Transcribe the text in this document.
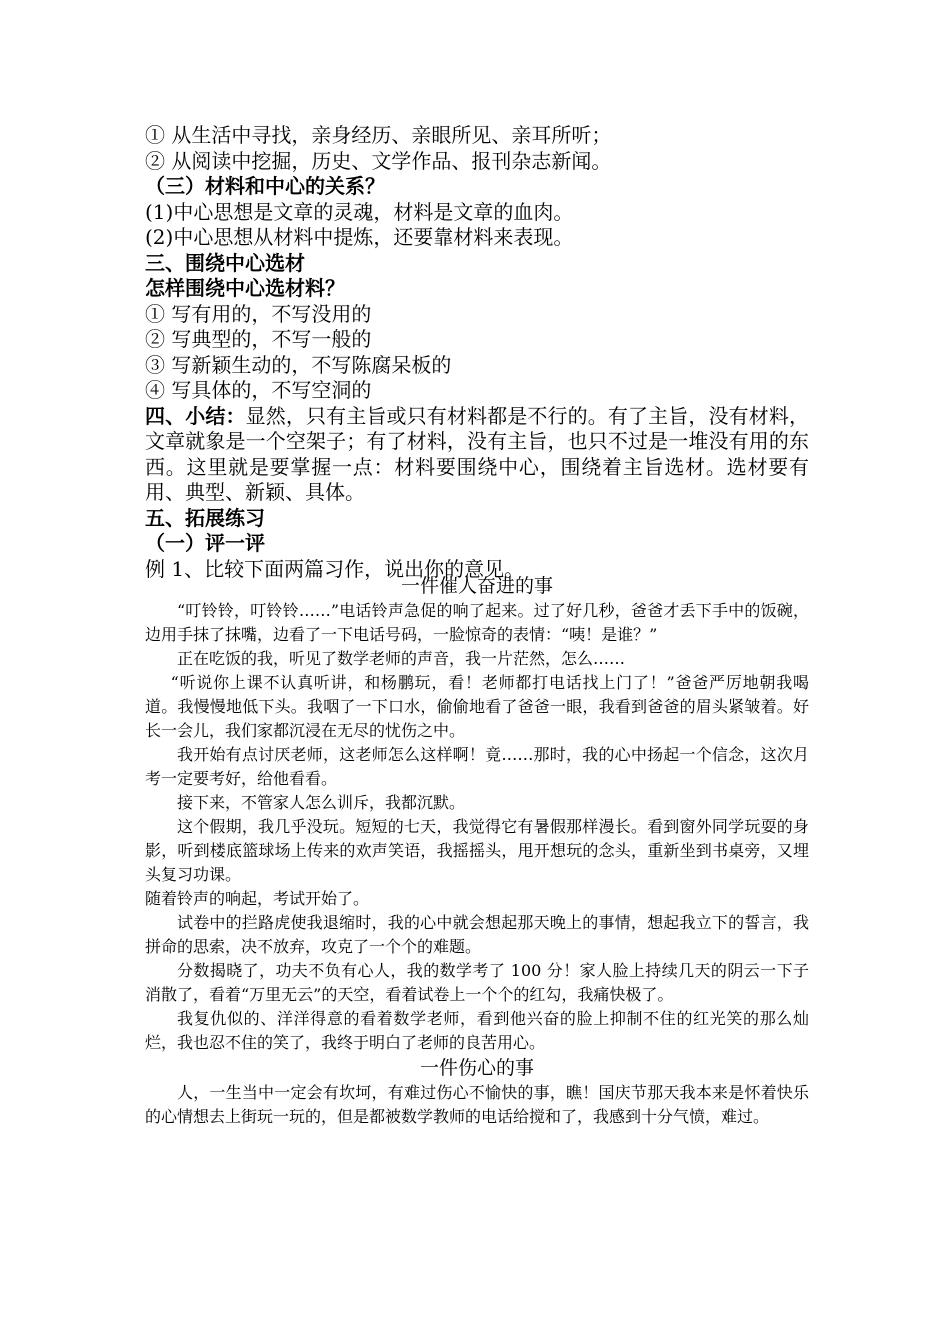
① 从生活中寻找，亲身经历、亲眼所见、亲耳所听；

② 从阅读中挖掘，历史、文学作品、报刊杂志新闻。

（三）材料和中心的关系？

(1)中心思想是文章的灵魂，材料是文章的血肉。

(2)中心思想从材料中提炼，还要靠材料来表现。

三、围绕中心选材

怎样围绕中心选材料？

① 写有用的，不写没用的

② 写典型的，不写一般的

③ 写新颖生动的，不写陈腐呆板的

④ 写具体的，不写空洞的

四、小结：显然，只有主旨或只有材料都是不行的。有了主旨，没有材料，文章就象是一个空架子；有了材料，没有主旨，也只不过是一堆没有用的东西。这里就是要掌握一点：材料要围绕中心，围绕着主旨选材。选材要有用、典型、新颖、具体。

五、拓展练习

（一）评一评

例 1、比较下面两篇习作，说出你的意见。

一件催人奋进的事

“叮铃铃，叮铃铃……”电话铃声急促的响了起来。过了好几秒，爸爸才丢下手中的饭碗，边用手抹了抹嘴，边看了一下电话号码，一脸惊奇的表情：“咦！是谁？”

正在吃饭的我，听见了数学老师的声音，我一片茫然，怎么……

“听说你上课不认真听讲，和杨鹏玩，看！老师都打电话找上门了！”爸爸严厉地朝我喝道。我慢慢地低下头。我咽了一下口水，偷偷地看了爸爸一眼，我看到爸爸的眉头紧皱着。好长一会儿，我们家都沉浸在无尽的忧伤之中。

我开始有点讨厌老师，这老师怎么这样啊！竟……那时，我的心中扬起一个信念，这次月考一定要考好，给他看看。

接下来，不管家人怎么训斥，我都沉默。

这个假期，我几乎没玩。短短的七天，我觉得它有暑假那样漫长。看到窗外同学玩耍的身影，听到楼底篮球场上传来的欢声笑语，我摇摇头，甩开想玩的念头，重新坐到书桌旁，又埋头复习功课。

随着铃声的响起，考试开始了。

试卷中的拦路虎使我退缩时，我的心中就会想起那天晚上的事情，想起我立下的誓言，我拼命的思索，决不放弃，攻克了一个个的难题。

分数揭晓了，功夫不负有心人，我的数学考了 100 分！家人脸上持续几天的阴云一下子消散了，看着“万里无云”的天空，看着试卷上一个个的红勾，我痛快极了。

我复仇似的、洋洋得意的看着数学老师，看到他兴奋的脸上抑制不住的红光笑的那么灿烂，我也忍不住的笑了，我终于明白了老师的良苦用心。

一件伤心的事

人，一生当中一定会有坎坷，有难过伤心不愉快的事，瞧！国庆节那天我本来是怀着快乐的心情想去上街玩一玩的，但是都被数学教师的电话给搅和了，我感到十分气愤，难过。
